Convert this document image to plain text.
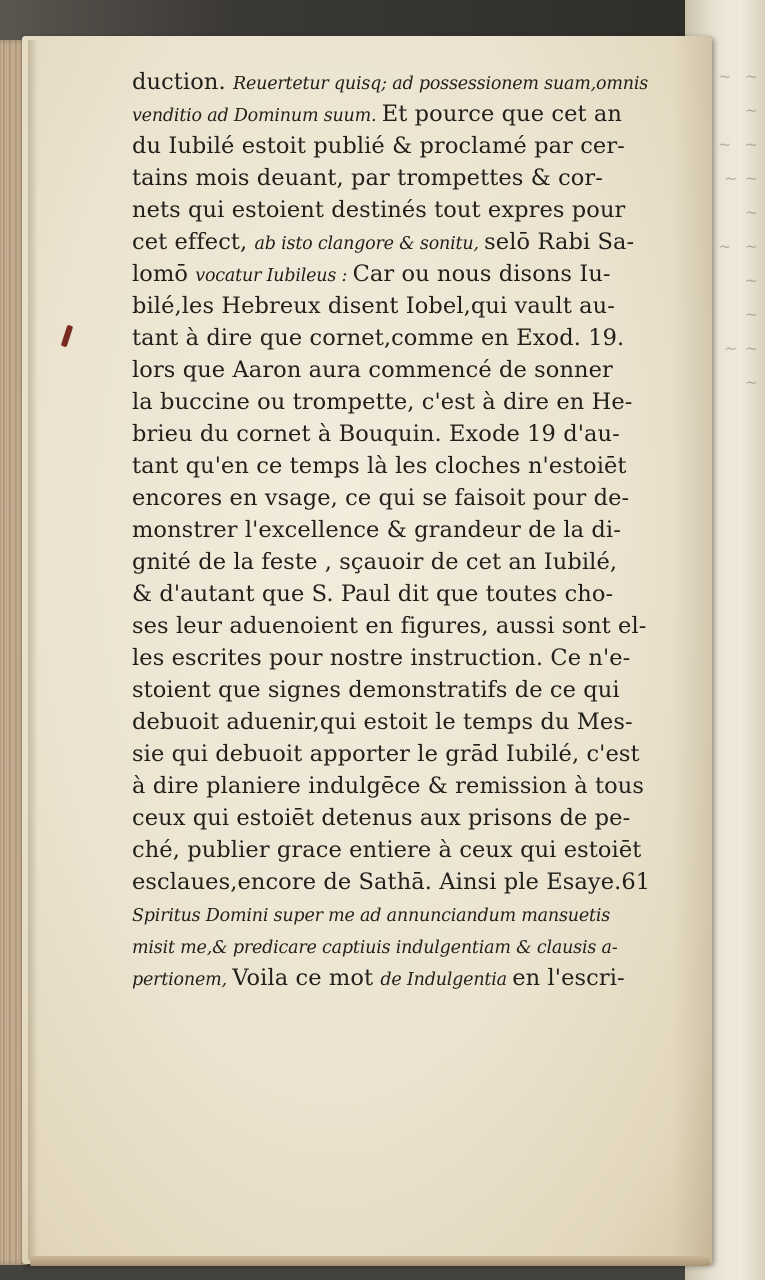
~  ~
~
~  ~
~ ~
~
~  ~
~
~
~ ~
~
duction. Reuertetur quisq; ad possessionem suam,omnis
venditio ad Dominum suum. Et pource que cet an
du Iubilé estoit publié & proclamé par cer-
tains mois deuant, par trompettes & cor-
nets qui estoient destinés tout expres pour
cet effect, ab isto clangore & sonitu, selō Rabi Sa-
lomō vocatur Iubileus : Car ou nous disons Iu-
bilé,les Hebreux disent Iobel,qui vault au-
tant à dire que cornet,comme en Exod. 19.
lors que Aaron aura commencé de sonner
la buccine ou trompette, c'est à dire en He-
brieu du cornet à Bouquin. Exode 19 d'au-
tant qu'en ce temps là les cloches n'estoiēt
encores en vsage, ce qui se faisoit pour de-
monstrer l'excellence & grandeur de la di-
gnité de la feste , sçauoir de cet an Iubilé,
& d'autant que S. Paul dit que toutes cho-
ses leur aduenoient en figures, aussi sont el-
les escrites pour nostre instruction. Ce n'e-
stoient que signes demonstratifs de ce qui
debuoit aduenir,qui estoit le temps du Mes-
sie qui debuoit apporter le grād Iubilé, c'est
à dire planiere indulgēce & remission à tous
ceux qui estoiēt detenus aux prisons de pe-
ché, publier grace entiere à ceux qui estoiēt
esclaues,encore de Sathā. Ainsi ple Esaye.61
Spiritus Domini super me ad annunciandum mansuetis
misit me,& predicare captiuis indulgentiam & clausis a-
pertionem, Voila ce mot de Indulgentia en l'escri-
